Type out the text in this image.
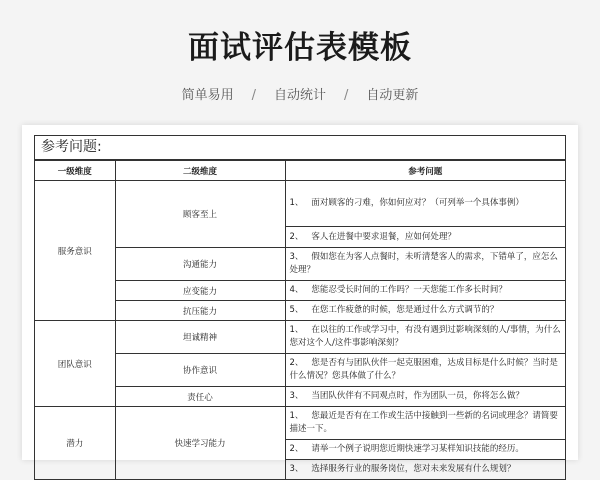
面试评估表模板
简单易用 / 自动统计 / 自动更新
参考问题:
一级维度	二级维度	参考问题
服务意识	顾客至上	1、 面对顾客的刁难，你如何应对？（可列举一个具体事例）
		2、 客人在进餐中要求退餐，应如何处理？
	沟通能力	3、 假如您在为客人点餐时，未听清楚客人的需求，下错单了，应怎么处理？
	应变能力	4、 您能忍受长时间的工作吗？一天您能工作多长时间？
	抗压能力	5、 在您工作疲惫的时候，您是通过什么方式调节的？
团队意识	坦诚精神	1、 在以往的工作或学习中，有没有遇到过影响深刻的人/事情，为什么您对这个人/这件事影响深刻？
	协作意识	2、 您是否有与团队伙伴一起克服困难，达成目标是什么时候？当时是什么情况？您具体做了什么？
	责任心	3、 当团队伙伴有不同观点时，作为团队一员，你将怎么做？
潜力	快速学习能力	1、 您最近是否有在工作或生活中接触到一些新的名词或理念？请简要描述一下。
		2、 请举一个例子说明您近期快速学习某样知识技能的经历。
		3、 选择服务行业的服务岗位，您对未来发展有什么规划？
